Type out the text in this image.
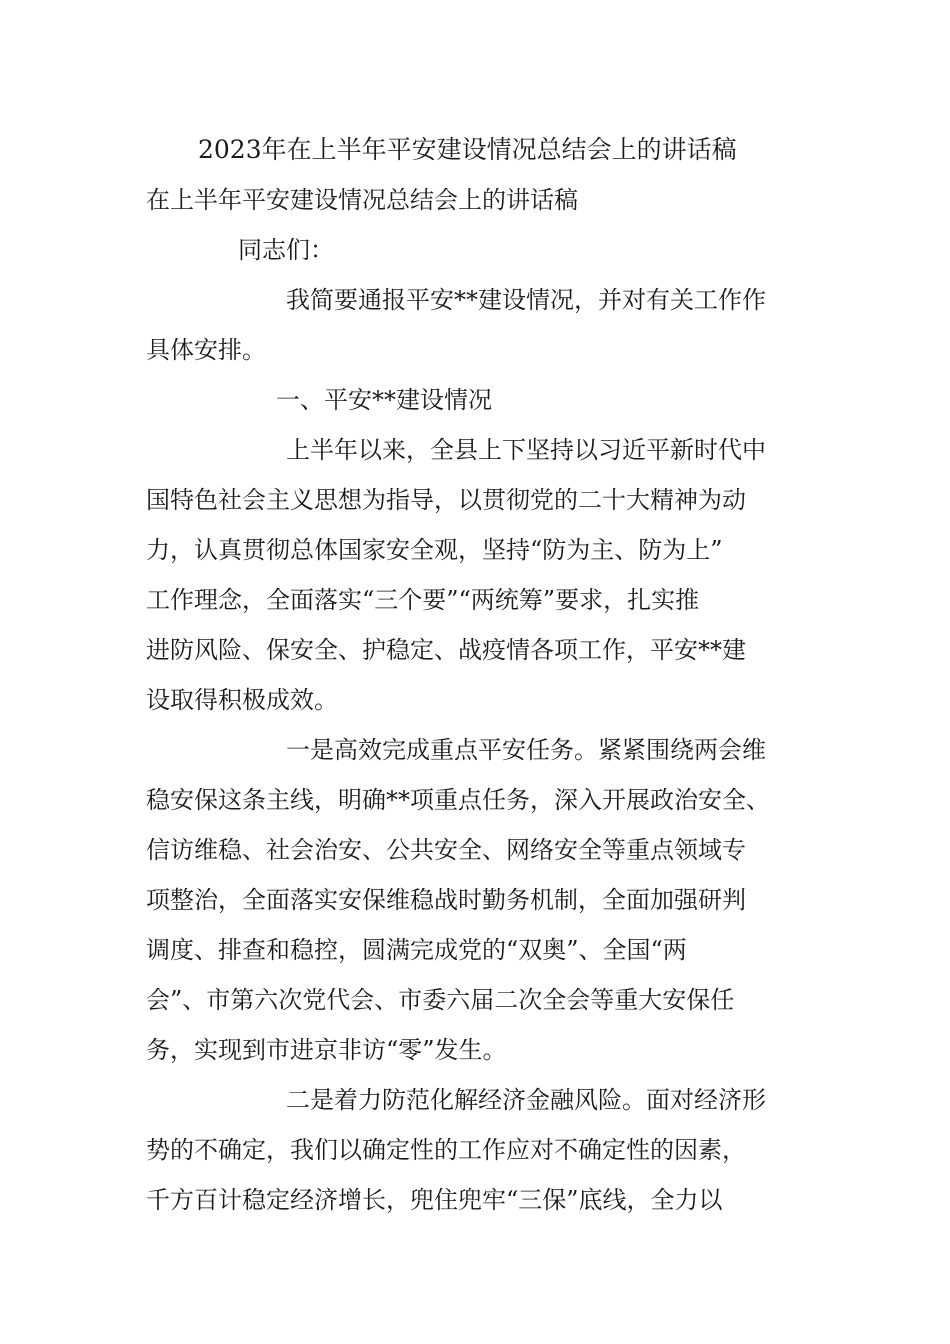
2023年在上半年平安建设情况总结会上的讲话稿
在上半年平安建设情况总结会上的讲话稿
同志们：
我简要通报平安**建设情况，并对有关工作作
具体安排。
一、平安**建设情况
上半年以来，全县上下坚持以习近平新时代中
国特色社会主义思想为指导，以贯彻党的二十大精神为动
力，认真贯彻总体国家安全观，坚持“防为主、防为上”
工作理念，全面落实“三个要”“两统筹”要求，扎实推
进防风险、保安全、护稳定、战疫情各项工作，平安**建
设取得积极成效。
一是高效完成重点平安任务。紧紧围绕两会维
稳安保这条主线，明确**项重点任务，深入开展政治安全、
信访维稳、社会治安、公共安全、网络安全等重点领域专
项整治，全面落实安保维稳战时勤务机制，全面加强研判
调度、排查和稳控，圆满完成党的“双奥”、全国“两
会”、市第六次党代会、市委六届二次全会等重大安保任
务，实现到市进京非访“零”发生。
二是着力防范化解经济金融风险。面对经济形
势的不确定，我们以确定性的工作应对不确定性的因素，
千方百计稳定经济增长，兜住兜牢“三保”底线，全力以
